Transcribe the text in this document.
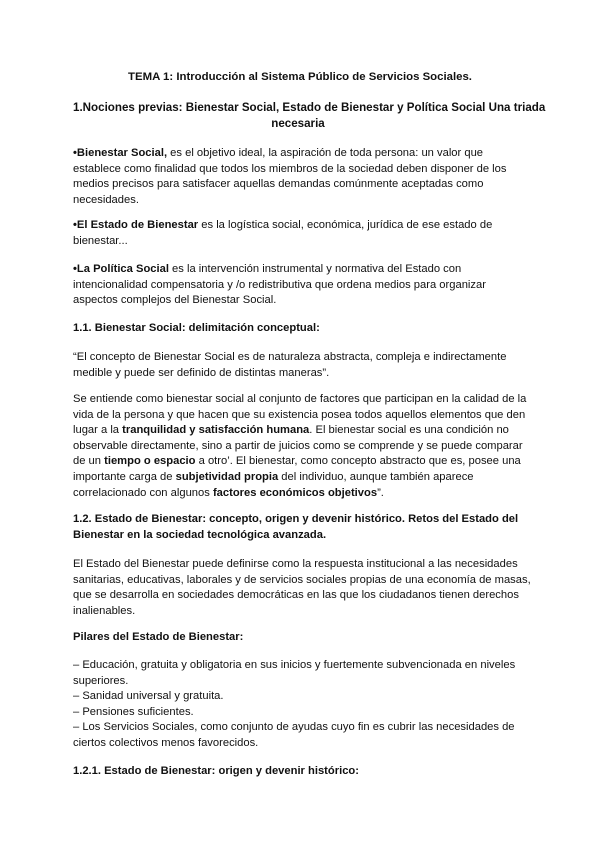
TEMA 1: Introducción al Sistema Público de Servicios Sociales.
1.Nociones previas: Bienestar Social, Estado de Bienestar y Política Social Una triada
necesaria

•Bienestar Social, es el objetivo ideal, la aspiración de toda persona: un valor que
establece como finalidad que todos los miembros de la sociedad deben disponer de los
medios precisos para satisfacer aquellas demandas comúnmente aceptadas como
necesidades.

•El Estado de Bienestar es la logística social, económica, jurídica de ese estado de
bienestar...

•La Política Social es la intervención instrumental y normativa del Estado con
intencionalidad compensatoria y /o redistributiva que ordena medios para organizar
aspectos complejos del Bienestar Social.

1.1. Bienestar Social: delimitación conceptual:

“El concepto de Bienestar Social es de naturaleza abstracta, compleja e indirectamente
medible y puede ser definido de distintas maneras”.

Se entiende como bienestar social al conjunto de factores que participan en la calidad de la
vida de la persona y que hacen que su existencia posea todos aquellos elementos que den
lugar a la tranquilidad y satisfacción humana. El bienestar social es una condición no
observable directamente, sino a partir de juicios como se comprende y se puede comparar
de un tiempo o espacio a otro’. El bienestar, como concepto abstracto que es, posee una
importante carga de subjetividad propia del individuo, aunque también aparece
correlacionado con algunos factores económicos objetivos”.

1.2. Estado de Bienestar: concepto, origen y devenir histórico. Retos del Estado del
Bienestar en la sociedad tecnológica avanzada.

El Estado del Bienestar puede definirse como la respuesta institucional a las necesidades
sanitarias, educativas, laborales y de servicios sociales propias de una economía de masas,
que se desarrolla en sociedades democráticas en las que los ciudadanos tienen derechos
inalienables.

Pilares del Estado de Bienestar:

– Educación, gratuita y obligatoria en sus inicios y fuertemente subvencionada en niveles
superiores.
– Sanidad universal y gratuita.
– Pensiones suficientes.
– Los Servicios Sociales, como conjunto de ayudas cuyo fin es cubrir las necesidades de
ciertos colectivos menos favorecidos.

1.2.1. Estado de Bienestar: origen y devenir histórico:
